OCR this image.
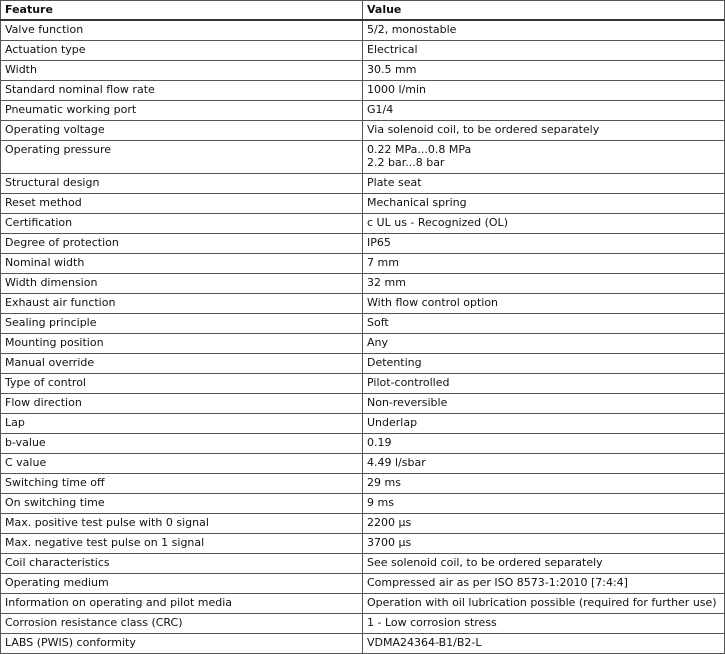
Feature	Value
Valve function	5/2, monostable

Actuation type	Electrical

Width	30.5 mm

Standard nominal flow rate	1000 l/min

Pneumatic working port	G1/4

Operating voltage	Via solenoid coil, to be ordered separately

Operating pressure	0.22 MPa...0.8 MPa
2.2 bar...8 bar

Structural design	Plate seat

Reset method	Mechanical spring

Certification	c UL us - Recognized (OL)

Degree of protection	IP65

Nominal width	7 mm

Width dimension	32 mm

Exhaust air function	With flow control option

Sealing principle	Soft

Mounting position	Any

Manual override	Detenting

Type of control	Pilot-controlled

Flow direction	Non-reversible

Lap	Underlap

b-value	0.19

C value	4.49 l/sbar

Switching time off	29 ms

On switching time	9 ms

Max. positive test pulse with 0 signal	2200 µs

Max. negative test pulse on 1 signal	3700 µs

Coil characteristics	See solenoid coil, to be ordered separately

Operating medium	Compressed air as per ISO 8573-1:2010 [7:4:4]

Information on operating and pilot media	Operation with oil lubrication possible (required for further use)

Corrosion resistance class (CRC)	1 - Low corrosion stress

LABS (PWIS) conformity	VDMA24364-B1/B2-L
